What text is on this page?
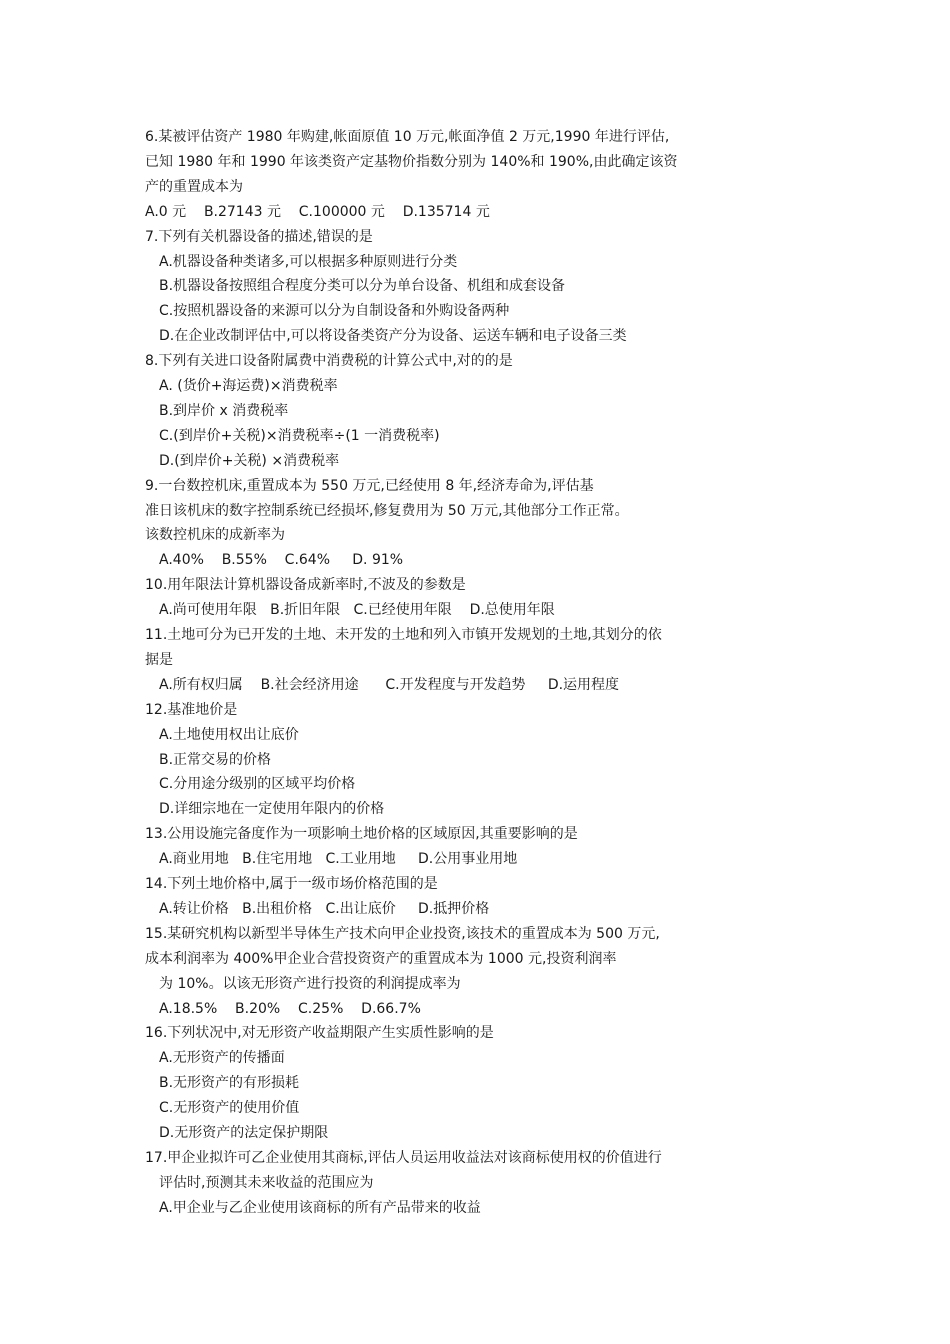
6.某被评估资产 1980 年购建,帐面原值 10 万元,帐面净值 2 万元,1990 年进行评估,
已知 1980 年和 1990 年该类资产定基物价指数分别为 140%和 190%,由此确定该资
产的重置成本为
A.0 元    B.27143 元    C.100000 元    D.135714 元
7.下列有关机器设备的描述,错误的是
A.机器设备种类诸多,可以根据多种原则进行分类
B.机器设备按照组合程度分类可以分为单台设备、机组和成套设备
C.按照机器设备的来源可以分为自制设备和外购设备两种
D.在企业改制评估中,可以将设备类资产分为设备、运送车辆和电子设备三类
8.下列有关进口设备附属费中消费税的计算公式中,对的的是
A. (货价+海运费)×消费税率
B.到岸价 x 消费税率
C.(到岸价+关税)×消费税率÷(1 一消费税率)
D.(到岸价+关税) ×消费税率
9.一台数控机床,重置成本为 550 万元,已经使用 8 年,经济寿命为,评估基
准日该机床的数字控制系统已经损坏,修复费用为 50 万元,其他部分工作正常。
该数控机床的成新率为
A.40%    B.55%    C.64%     D. 91%
10.用年限法计算机器设备成新率时,不波及的参数是
A.尚可使用年限   B.折旧年限   C.已经使用年限    D.总使用年限
11.土地可分为已开发的土地、未开发的土地和列入市镇开发规划的土地,其划分的依
据是
A.所有权归属    B.社会经济用途      C.开发程度与开发趋势     D.运用程度
12.基准地价是
A.土地使用权出让底价
B.正常交易的价格
C.分用途分级别的区域平均价格
D.详细宗地在一定使用年限内的价格
13.公用设施完备度作为一项影响土地价格的区域原因,其重要影响的是
A.商业用地   B.住宅用地   C.工业用地     D.公用事业用地
14.下列土地价格中,属于一级市场价格范围的是
A.转让价格   B.出租价格   C.出让底价     D.抵押价格
15.某研究机构以新型半导体生产技术向甲企业投资,该技术的重置成本为 500 万元,
成本利润率为 400%甲企业合营投资资产的重置成本为 1000 元,投资利润率
为 10%。以该无形资产进行投资的利润提成率为
A.18.5%    B.20%    C.25%    D.66.7%
16.下列状况中,对无形资产收益期限产生实质性影响的是
A.无形资产的传播面
B.无形资产的有形损耗
C.无形资产的使用价值
D.无形资产的法定保护期限
17.甲企业拟许可乙企业使用其商标,评估人员运用收益法对该商标使用权的价值进行
评估时,预测其未来收益的范围应为
A.甲企业与乙企业使用该商标的所有产品带来的收益
